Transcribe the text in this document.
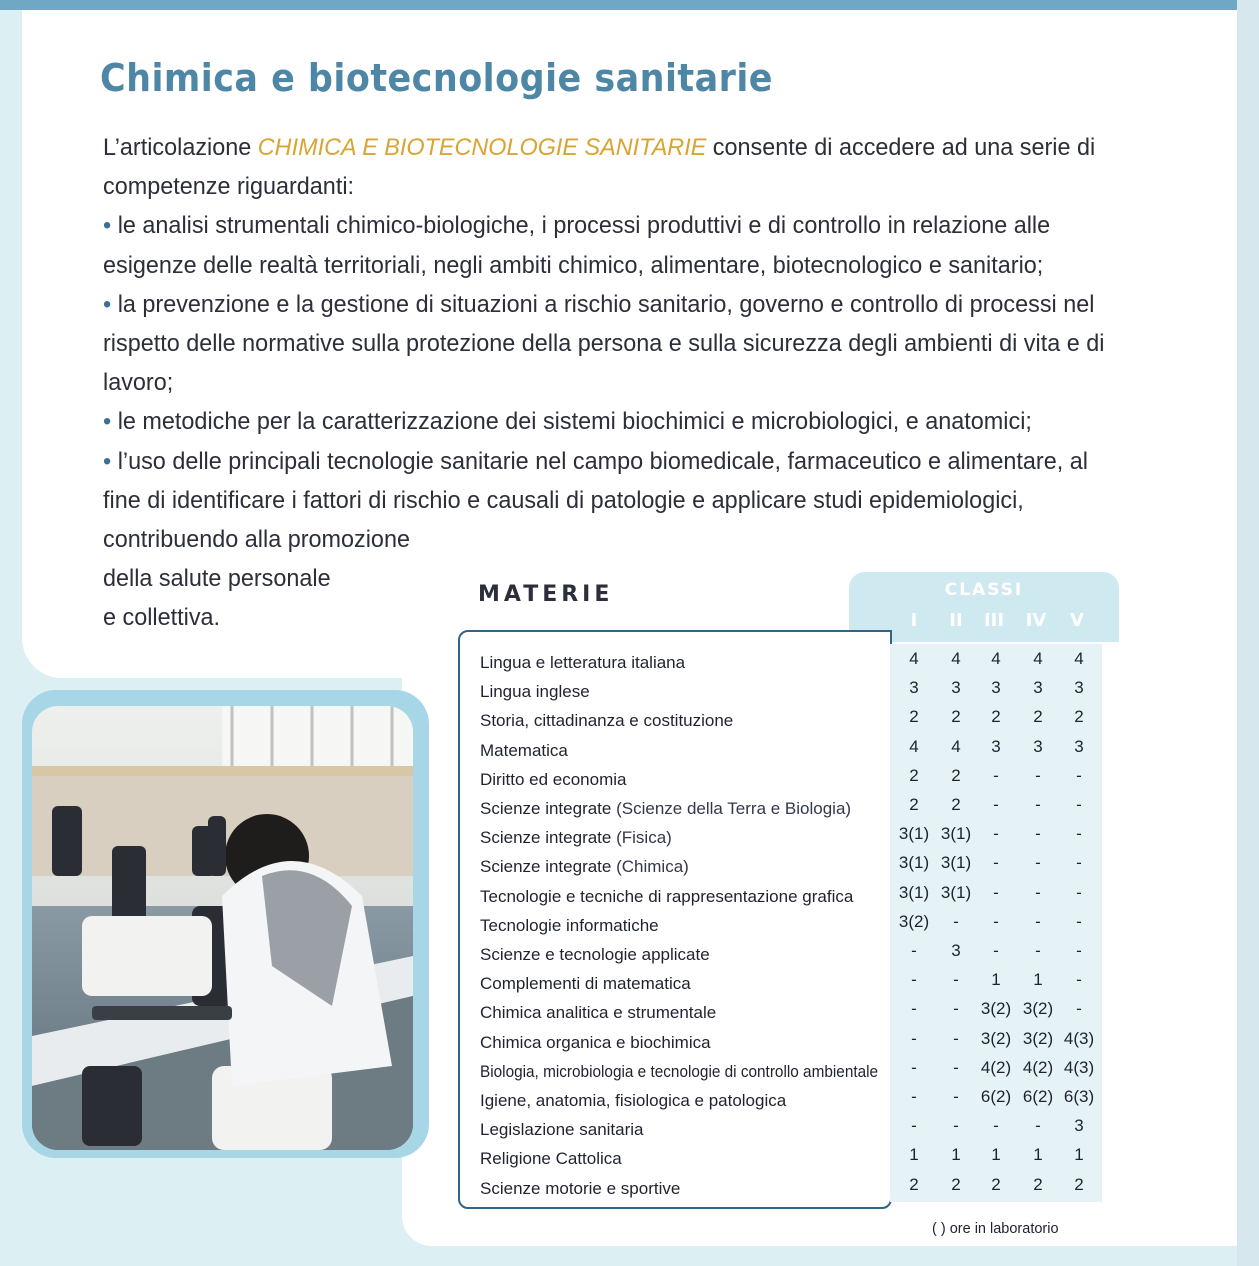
Chimica e biotecnologie sanitarie

L’articolazione CHIMICA E BIOTECNOLOGIE SANITARIE consente di accedere ad una serie di competenze riguardanti:

• le analisi strumentali chimico-biologiche, i processi produttivi e di controllo in relazione alle esigenze delle realtà territoriali, negli ambiti chimico, alimentare, biotecnologico e sanitario;

• la prevenzione e la gestione di situazioni a rischio sanitario, governo e controllo di processi nel rispetto delle normative sulla protezione della persona e sulla sicurezza degli ambienti di vita e di lavoro;

• le metodiche per la caratterizzazione dei sistemi biochimici e microbiologici, e anatomici;

• l’uso delle principali tecnologie sanitarie nel campo biomedicale, farmaceutico e alimentare, al fine di identificare i fattori di rischio e causali di patologie e applicare studi epidemiologici,

contribuendo alla promozione

della salute personale

e collettiva.

MATERIE	CLASSI
I	II	III	IV	V
Lingua e letteratura italiana	4	4	4	4	4
Lingua inglese	3	3	3	3	3
Storia, cittadinanza e costituzione	2	2	2	2	2
Matematica	4	4	3	3	3
Diritto ed economia	2	2	-	-	-
Scienze integrate (Scienze della Terra e Biologia)	2	2	-	-	-
Scienze integrate (Fisica)	3(1) 3(1)	-	-	-
Scienze integrate (Chimica)	3(1) 3(1)	-	-	-
Tecnologie e tecniche di rappresentazione grafica	3(1) 3(1)	-	-	-
Tecnologie informatiche	3(2)	-	-	-	-
Scienze e tecnologie applicate	-	3	-	-	-
Complementi di matematica	-	-	1	1	-
Chimica analitica e strumentale	-	-	3(2) 3(2)	-
Chimica organica e biochimica	-	-	3(2) 3(2) 4(3)
Biologia, microbiologia e tecnologie di controllo ambientale	-	-	4(2) 4(2) 4(3)
Igiene, anatomia, fisiologica e patologica	-	-	6(2) 6(2) 6(3)
Legislazione sanitaria	-	-	-	-	3
Religione Cattolica	1	1	1	1	1
Scienze motorie e sportive	2	2	2	2	2
( ) ore in laboratorio
